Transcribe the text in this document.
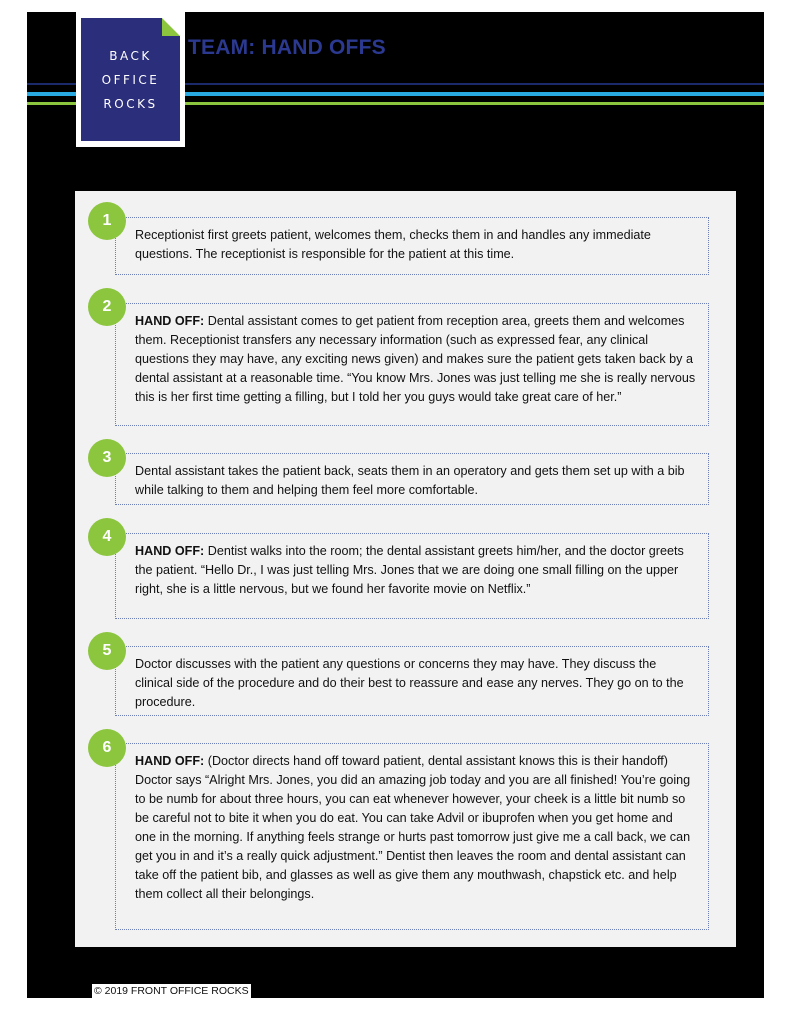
BACK
OFFICE
ROCKS
TEAM: HAND OFFS
Receptionist first greets patient, welcomes them, checks them in and handles any immediate questions. The receptionist is responsible for the patient at this time.
1
HAND OFF: Dental assistant comes to get patient from reception area, greets them and welcomes them. Receptionist transfers any necessary information (such as expressed fear, any clinical questions they may have, any exciting news given) and makes sure the patient gets taken back by a dental assistant at a reasonable time. “You know Mrs. Jones was just telling me she is really nervous this is her first time getting a filling, but I told her you guys would take great care of her.”
2
Dental assistant takes the patient back, seats them in an operatory and gets them set up with a bib while talking to them and helping them feel more comfortable.
3
HAND OFF: Dentist walks into the room; the dental assistant greets him/her, and the doctor greets the patient. “Hello Dr., I was just telling Mrs. Jones that we are doing one small filling on the upper right, she is a little nervous, but we found her favorite movie on Netflix.”
4
Doctor discusses with the patient any questions or concerns they may have. They discuss the clinical side of the procedure and do their best to reassure and ease any nerves. They go on to the procedure.
5
HAND OFF: (Doctor directs hand off toward patient, dental assistant knows this is their handoff) Doctor says “Alright Mrs. Jones, you did an amazing job today and you are all finished! You’re going to be numb for about three hours, you can eat whenever however, your cheek is a little bit numb so be careful not to bite it when you do eat. You can take Advil or ibuprofen when you get home and one in the morning. If anything feels strange or hurts past tomorrow just give me a call back, we can get you in and it’s a really quick adjustment.” Dentist then leaves the room and dental assistant can take off the patient bib, and glasses as well as give them any mouthwash, chapstick etc. and help them collect all their belongings.
6
© 2019 FRONT OFFICE ROCKS
